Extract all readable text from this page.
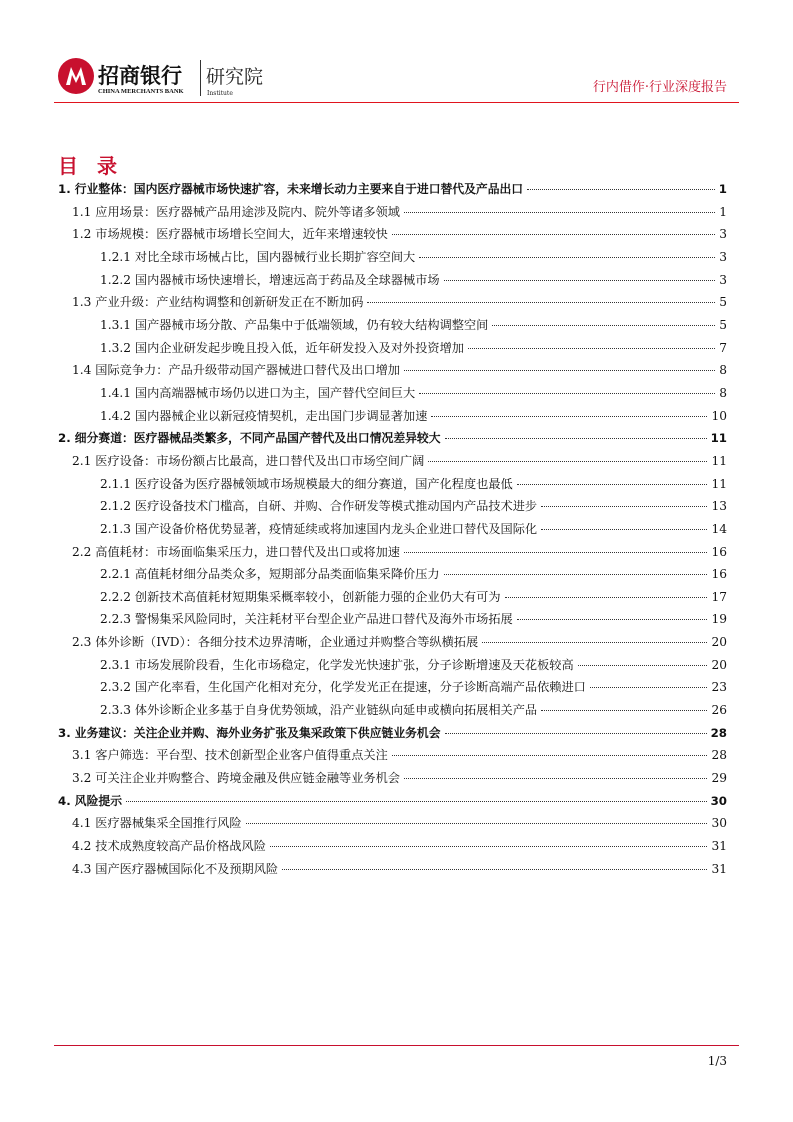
招商银行
CHINA MERCHANTS BANK
研究院
Institute	行内借作·行业深度报告
目 录
1. 行业整体：国内医疗器械市场快速扩容，未来增长动力主要来自于进口替代及产品出口	1
1.1 应用场景：医疗器械产品用途涉及院内、院外等诸多领域	1
1.2 市场规模：医疗器械市场增长空间大，近年来增速较快	3
1.2.1 对比全球市场械占比，国内器械行业长期扩容空间大	3
1.2.2 国内器械市场快速增长，增速远高于药品及全球器械市场	3
1.3 产业升级：产业结构调整和创新研发正在不断加码	5
1.3.1 国产器械市场分散、产品集中于低端领域，仍有较大结构调整空间	5
1.3.2 国内企业研发起步晚且投入低，近年研发投入及对外投资增加	7
1.4 国际竞争力：产品升级带动国产器械进口替代及出口增加	8
1.4.1 国内高端器械市场仍以进口为主，国产替代空间巨大	8
1.4.2 国内器械企业以新冠疫情契机，走出国门步调显著加速	10
2. 细分赛道：医疗器械品类繁多，不同产品国产替代及出口情况差异较大	11
2.1 医疗设备：市场份额占比最高，进口替代及出口市场空间广阔	11
2.1.1 医疗设备为医疗器械领域市场规模最大的细分赛道，国产化程度也最低	11
2.1.2 医疗设备技术门槛高，自研、并购、合作研发等模式推动国内产品技术进步	13
2.1.3 国产设备价格优势显著，疫情延续或将加速国内龙头企业进口替代及国际化	14
2.2 高值耗材：市场面临集采压力，进口替代及出口或将加速	16
2.2.1 高值耗材细分品类众多，短期部分品类面临集采降价压力	16
2.2.2 创新技术高值耗材短期集采概率较小，创新能力强的企业仍大有可为	17
2.2.3 警惕集采风险同时，关注耗材平台型企业产品进口替代及海外市场拓展	19
2.3 体外诊断（IVD）：各细分技术边界清晰，企业通过并购整合等纵横拓展	20
2.3.1 市场发展阶段看，生化市场稳定，化学发光快速扩张，分子诊断增速及天花板较高	20
2.3.2 国产化率看，生化国产化相对充分，化学发光正在提速，分子诊断高端产品依赖进口	23
2.3.3 体外诊断企业多基于自身优势领域，沿产业链纵向延申或横向拓展相关产品	26
3. 业务建议：关注企业并购、海外业务扩张及集采政策下供应链业务机会	28
3.1 客户筛选：平台型、技术创新型企业客户值得重点关注	28
3.2 可关注企业并购整合、跨境金融及供应链金融等业务机会	29
4. 风险提示	30
4.1 医疗器械集采全国推行风险	30
4.2 技术成熟度较高产品价格战风险	31
4.3 国产医疗器械国际化不及预期风险	31
1/3
